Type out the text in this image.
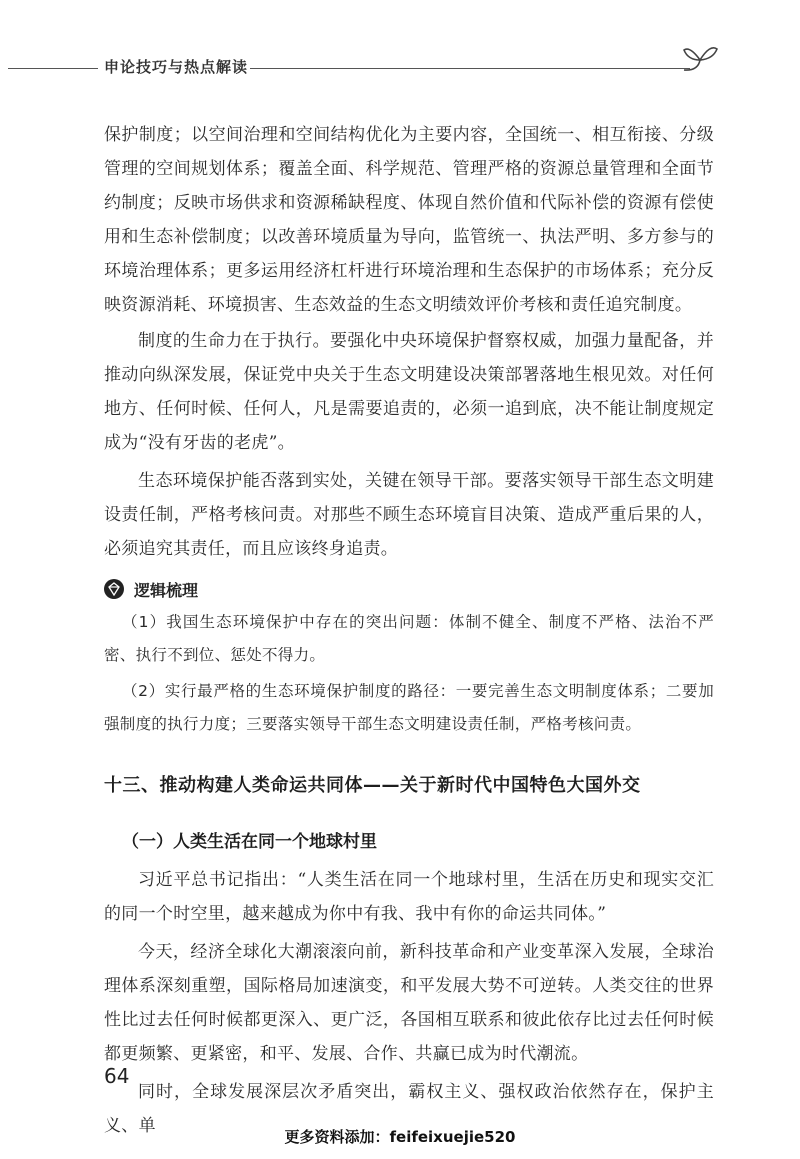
申论技巧与热点解读

保护制度；以空间治理和空间结构优化为主要内容，全国统一、相互衔接、分级管理的空间规划体系；覆盖全面、科学规范、管理严格的资源总量管理和全面节约制度；反映市场供求和资源稀缺程度、体现自然价值和代际补偿的资源有偿使用和生态补偿制度；以改善环境质量为导向，监管统一、执法严明、多方参与的环境治理体系；更多运用经济杠杆进行环境治理和生态保护的市场体系；充分反映资源消耗、环境损害、生态效益的生态文明绩效评价考核和责任追究制度。

制度的生命力在于执行。要强化中央环境保护督察权威，加强力量配备，并推动向纵深发展，保证党中央关于生态文明建设决策部署落地生根见效。对任何地方、任何时候、任何人，凡是需要追责的，必须一追到底，决不能让制度规定成为“没有牙齿的老虎”。

生态环境保护能否落到实处，关键在领导干部。要落实领导干部生态文明建设责任制，严格考核问责。对那些不顾生态环境盲目决策、造成严重后果的人，必须追究其责任，而且应该终身追责。

逻辑梳理

（1）我国生态环境保护中存在的突出问题：体制不健全、制度不严格、法治不严密、执行不到位、惩处不得力。

（2）实行最严格的生态环境保护制度的路径：一要完善生态文明制度体系；二要加强制度的执行力度；三要落实领导干部生态文明建设责任制，严格考核问责。

十三、推动构建人类命运共同体——关于新时代中国特色大国外交
（一）人类生活在同一个地球村里

习近平总书记指出：“人类生活在同一个地球村里，生活在历史和现实交汇的同一个时空里，越来越成为你中有我、我中有你的命运共同体。”

今天，经济全球化大潮滚滚向前，新科技革命和产业变革深入发展，全球治理体系深刻重塑，国际格局加速演变，和平发展大势不可逆转。人类交往的世界性比过去任何时候都更深入、更广泛，各国相互联系和彼此依存比过去任何时候都更频繁、更紧密，和平、发展、合作、共赢已成为时代潮流。

同时，全球发展深层次矛盾突出，霸权主义、强权政治依然存在，保护主义、单

64
更多资料添加：feifeixuejie520
